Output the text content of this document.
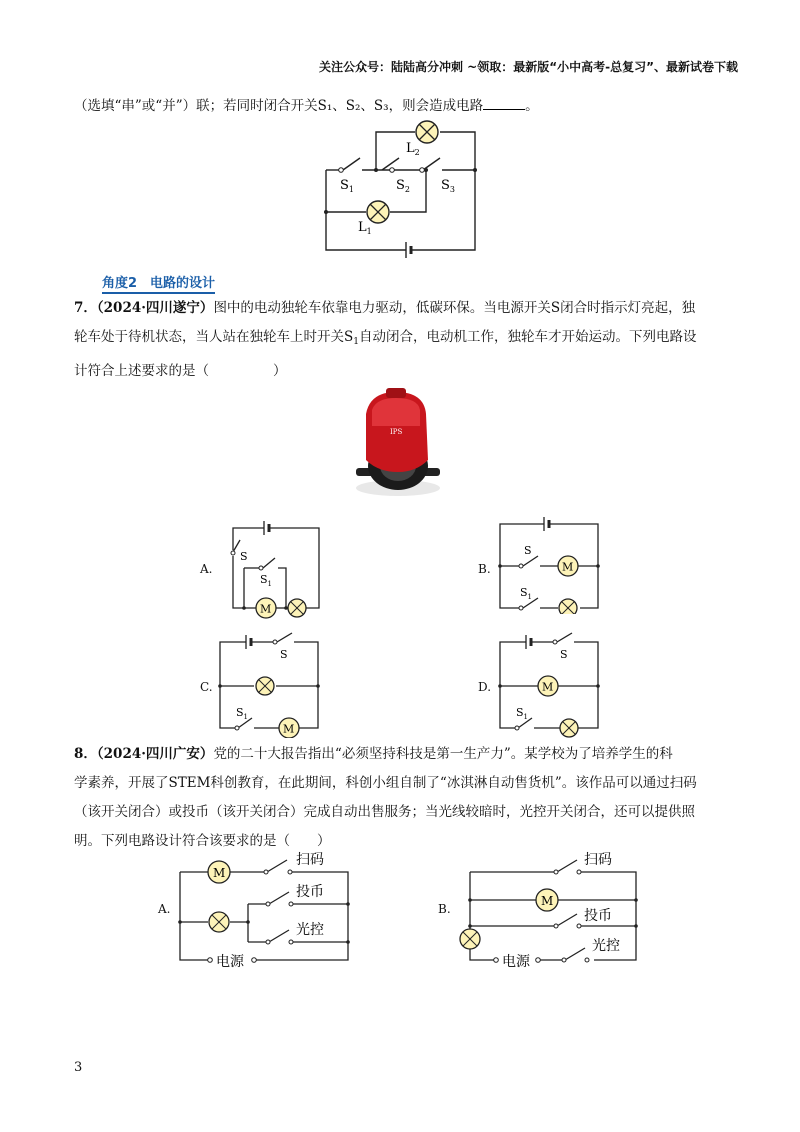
关注公众号：陆陆高分冲刺 ~领取：最新版“小中高考-总复习”、最新试卷下载
（选填“串”或“并”）联；若同时闭合开关S₁、S₂、S₃，则会造成电路	。
$L_2$
$S_1$	$S_2$ $S_3$
$L_1$
角度2　电路的设计
7．（2024·四川遂宁）图中的电动独轮车依靠电力驱动，低碳环保。当电源开关S闭合时指示灯亮起，独
轮车处于待机状态，当人站在独轮车上时开关$S_1$自动闭合，电动机工作，独轮车才开始运动。下列电路设
计符合上述要求的是（	）
IPS
A.
M
S
$S_1$
B.	M
S
$S_1$
C.
M
S
$S_1$
D.	M
S
$S_1$
8．（2024·四川广安）党的二十大报告指出“必须坚持科技是第一生产力”。某学校为了培养学生的科
学素养，开展了STEM科创教育，在此期间，科创小组自制了“冰淇淋自动售货机”。该作品可以通过扫码
（该开关闭合）或投币（该开关闭合）完成自动出售服务；当光线较暗时，光控开关闭合，还可以提供照
明。下列电路设计符合该要求的是（　　）
A.
M
扫码
投币
光控
电源
B.
M
扫码
投币
光控
电源
3
